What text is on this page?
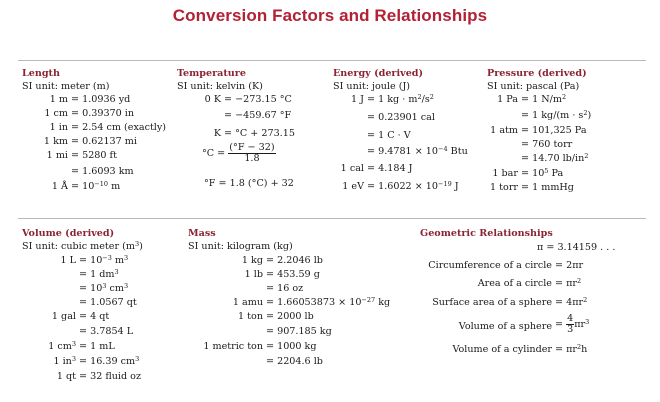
Conversion Factors and Relationships
Length
SI unit: meter (m)
1 m = 1.0936 yd
1 cm = 0.39370 in
1 in = 2.54 cm (exactly)
1 km = 0.62137 mi
1 mi = 5280 ft
= 1.6093 km
1 Å = $10^{-10}$ m
Temperature
SI unit: kelvin (K)
0 K = −273.15 °C
= −459.67 °F
K = °C + 273.15
$^\circ C = \frac{(^\circ F - 32)}{1.8}$
°F = 1.8 (°C) + 32
Energy (derived)
SI unit: joule (J)
1 J = 1 kg · $m^2/s^2$
= 0.23901 cal
= 1 C · V
= $9.4781 \times 10^{-4}$ Btu
1 cal = 4.184 J
1 eV = $1.6022 \times 10^{-19}$ J
Pressure (derived)
SI unit: pascal (Pa)
1 Pa = 1 $N/m^2$
= 1 $kg/(m \cdot s^2)$
1 atm = 101,325 Pa
= 760 torr
= 14.70 $lb/in^2$
1 bar = $10^5$ Pa
1 torr = 1 mmHg
Volume (derived)
SI unit: cubic meter $(m^3)$
1 $L = 10^{-3}$ $m^3$
= 1 $dm^3$
= $10^3$ $cm^3$
= 1.0567 qt
1 gal = 4 qt
= 3.7854 L
1 $cm^3 = 1$ mL
1 $in^3 = 16.39$ $cm^3$
1 qt = 32 fluid oz
Mass
SI unit: kilogram (kg)
1 kg = 2.2046 lb
1 lb = 453.59 g
= 16 oz
1 amu = $1.66053873 \times 10^{-27}$ kg
1 ton = 2000 lb
= 907.185 kg
1 metric ton = 1000 kg
= 2204.6 lb
Geometric Relationships
π = 3.14159 . . .
Circumference of a circle = 2πr
Area of a circle = $\pi r^2$
Surface area of a sphere = $4\pi r^2$
Volume of a sphere = $\frac{4}{3} \pi r^3$
Volume of a cylinder = $\pi r^2h$
